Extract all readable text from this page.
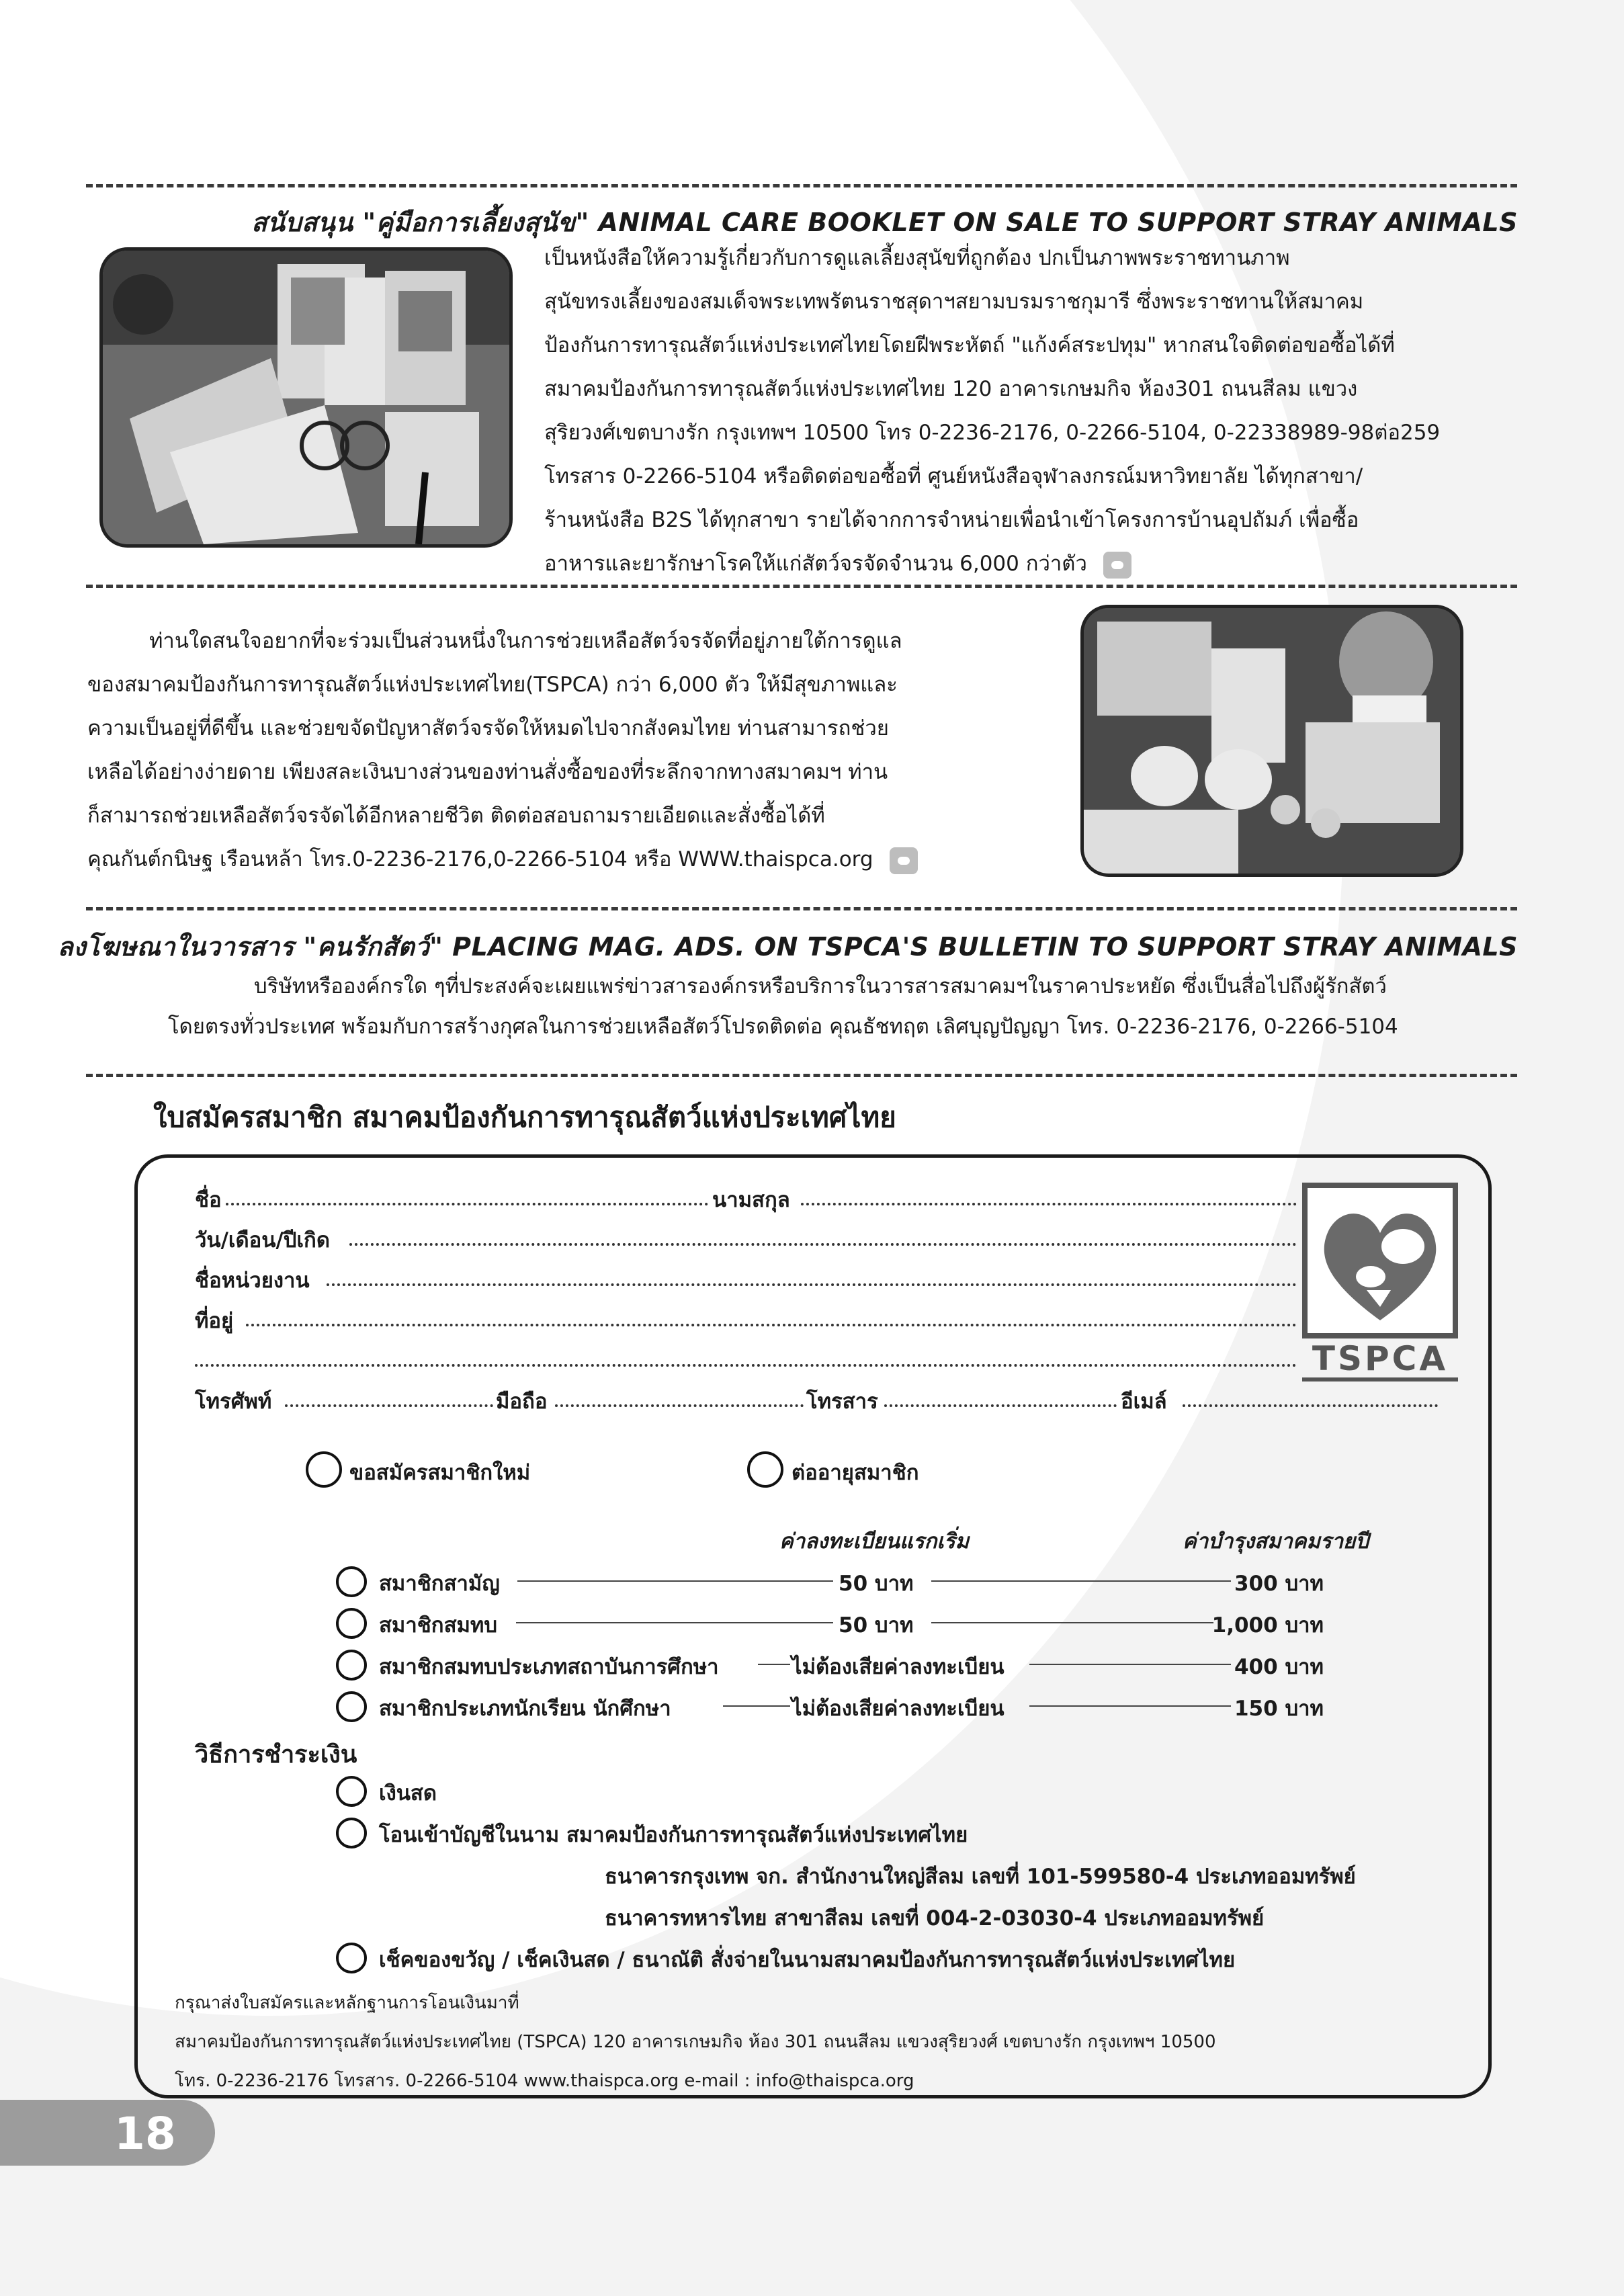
สนับสนุน "คู่มือการเลี้ยงสุนัข" ANIMAL CARE BOOKLET ON SALE TO SUPPORT STRAY ANIMALS
เป็นหนังสือให้ความรู้เกี่ยวกับการดูแลเลี้ยงสุนัขที่ถูกต้อง ปกเป็นภาพพระราชทานภาพ
สุนัขทรงเลี้ยงของสมเด็จพระเทพรัตนราชสุดาฯสยามบรมราชกุมารี ซึ่งพระราชทานให้สมาคม
ป้องกันการทารุณสัตว์แห่งประเทศไทยโดยฝีพระหัตถ์ "แก้งค์สระปทุม" หากสนใจติดต่อขอซื้อได้ที่
สมาคมป้องกันการทารุณสัตว์แห่งประเทศไทย 120 อาคารเกษมกิจ ห้อง301 ถนนสีลม แขวง
สุริยวงศ์เขตบางรัก กรุงเทพฯ 10500 โทร 0-2236-2176, 0-2266-5104, 0-22338989-98ต่อ259
โทรสาร 0-2266-5104 หรือติดต่อขอซื้อที่ ศูนย์หนังสือจุฬาลงกรณ์มหาวิทยาลัย ได้ทุกสาขา/
ร้านหนังสือ B2S ได้ทุกสาขา รายได้จากการจำหน่ายเพื่อนำเข้าโครงการบ้านอุปถัมภ์ เพื่อซื้อ
อาหารและยารักษาโรคให้แก่สัตว์จรจัดจำนวน 6,000 กว่าตัว
ท่านใดสนใจอยากที่จะร่วมเป็นส่วนหนึ่งในการช่วยเหลือสัตว์จรจัดที่อยู่ภายใต้การดูแล
ของสมาคมป้องกันการทารุณสัตว์แห่งประเทศไทย(TSPCA) กว่า 6,000 ตัว ให้มีสุขภาพและ
ความเป็นอยู่ที่ดีขึ้น และช่วยขจัดปัญหาสัตว์จรจัดให้หมดไปจากสังคมไทย ท่านสามารถช่วย
เหลือได้อย่างง่ายดาย เพียงสละเงินบางส่วนของท่านสั่งซื้อของที่ระลึกจากทางสมาคมฯ ท่าน
ก็สามารถช่วยเหลือสัตว์จรจัดได้อีกหลายชีวิต ติดต่อสอบถามรายเอียดและสั่งซื้อได้ที่
คุณกันต์กนิษฐ เรือนหล้า โทร.0-2236-2176,0-2266-5104 หรือ WWW.thaispca.org
ลงโฆษณาในวารสาร "คนรักสัตว์" PLACING MAG. ADS. ON TSPCA'S BULLETIN TO SUPPORT STRAY ANIMALS
บริษัทหรือองค์กรใด ๆที่ประสงค์จะเผยแพร่ข่าวสารองค์กรหรือบริการในวารสารสมาคมฯในราคาประหยัด ซึ่งเป็นสื่อไปถึงผู้รักสัตว์
โดยตรงทั่วประเทศ พร้อมกับการสร้างกุศลในการช่วยเหลือสัตว์โปรดติดต่อ คุณธัชทฤต เลิศบุญปัญญา โทร. 0-2236-2176, 0-2266-5104
ใบสมัครสมาชิก สมาคมป้องกันการทารุณสัตว์แห่งประเทศไทย
ชื่อ	นามสกุล
วัน/เดือน/ปีเกิด
ชื่อหน่วยงาน
ที่อยู่
โทรศัพท์	มือถือ	โทรสาร	อีเมล์
TSPCA
ขอสมัครสมาชิกใหม่	ต่ออายุสมาชิก
ค่าลงทะเบียนแรกเริ่ม	ค่าบำรุงสมาคมรายปี
สมาชิกสามัญ	50 บาท	300 บาท
สมาชิกสมทบ	50 บาท	1,000 บาท
สมาชิกสมทบประเภทสถาบันการศึกษา	ไม่ต้องเสียค่าลงทะเบียน	400 บาท
สมาชิกประเภทนักเรียน นักศึกษา	ไม่ต้องเสียค่าลงทะเบียน	150 บาท
วิธีการชำระเงิน
เงินสด
โอนเข้าบัญชีในนาม สมาคมป้องกันการทารุณสัตว์แห่งประเทศไทย
ธนาคารกรุงเทพ จก. สำนักงานใหญ่สีลม เลขที่ 101-599580-4 ประเภทออมทรัพย์
ธนาคารทหารไทย สาขาสีลม เลขที่ 004-2-03030-4 ประเภทออมทรัพย์
เช็คของขวัญ / เช็คเงินสด / ธนาณัติ สั่งจ่ายในนามสมาคมป้องกันการทารุณสัตว์แห่งประเทศไทย
กรุณาส่งใบสมัครและหลักฐานการโอนเงินมาที่
สมาคมป้องกันการทารุณสัตว์แห่งประเทศไทย (TSPCA) 120 อาคารเกษมกิจ ห้อง 301 ถนนสีลม แขวงสุริยวงศ์ เขตบางรัก กรุงเทพฯ 10500
โทร. 0-2236-2176 โทรสาร. 0-2266-5104 www.thaispca.org e-mail : info@thaispca.org
18
